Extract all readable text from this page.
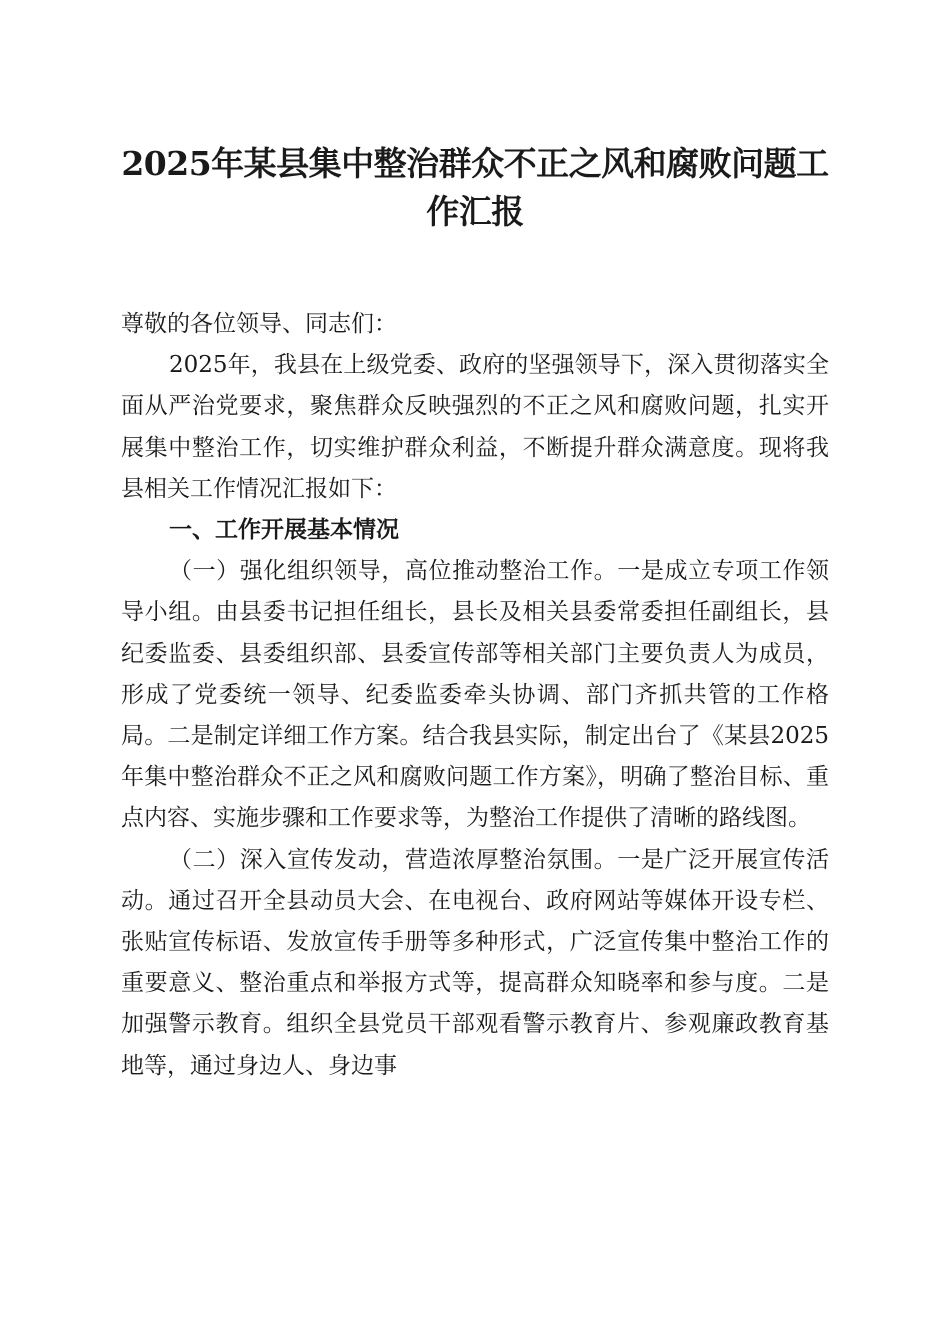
2025年某县集中整治群众不正之风和腐败问题工作汇报

尊敬的各位领导、同志们：

2025年，我县在上级党委、政府的坚强领导下，深入贯彻落实全面从严治党要求，聚焦群众反映强烈的不正之风和腐败问题，扎实开展集中整治工作，切实维护群众利益，不断提升群众满意度。现将我县相关工作情况汇报如下：

一、工作开展基本情况

（一）强化组织领导，高位推动整治工作。一是成立专项工作领导小组。由县委书记担任组长，县长及相关县委常委担任副组长，县纪委监委、县委组织部、县委宣传部等相关部门主要负责人为成员，形成了党委统一领导、纪委监委牵头协调、部门齐抓共管的工作格局。二是制定详细工作方案。结合我县实际，制定出台了《某县2025年集中整治群众不正之风和腐败问题工作方案》，明确了整治目标、重点内容、实施步骤和工作要求等，为整治工作提供了清晰的路线图。

（二）深入宣传发动，营造浓厚整治氛围。一是广泛开展宣传活动。通过召开全县动员大会、在电视台、政府网站等媒体开设专栏、张贴宣传标语、发放宣传手册等多种形式，广泛宣传集中整治工作的重要意义、整治重点和举报方式等，提高群众知晓率和参与度。二是加强警示教育。组织全县党员干部观看警示教育片、参观廉政教育基地等，通过身边人、身边事
